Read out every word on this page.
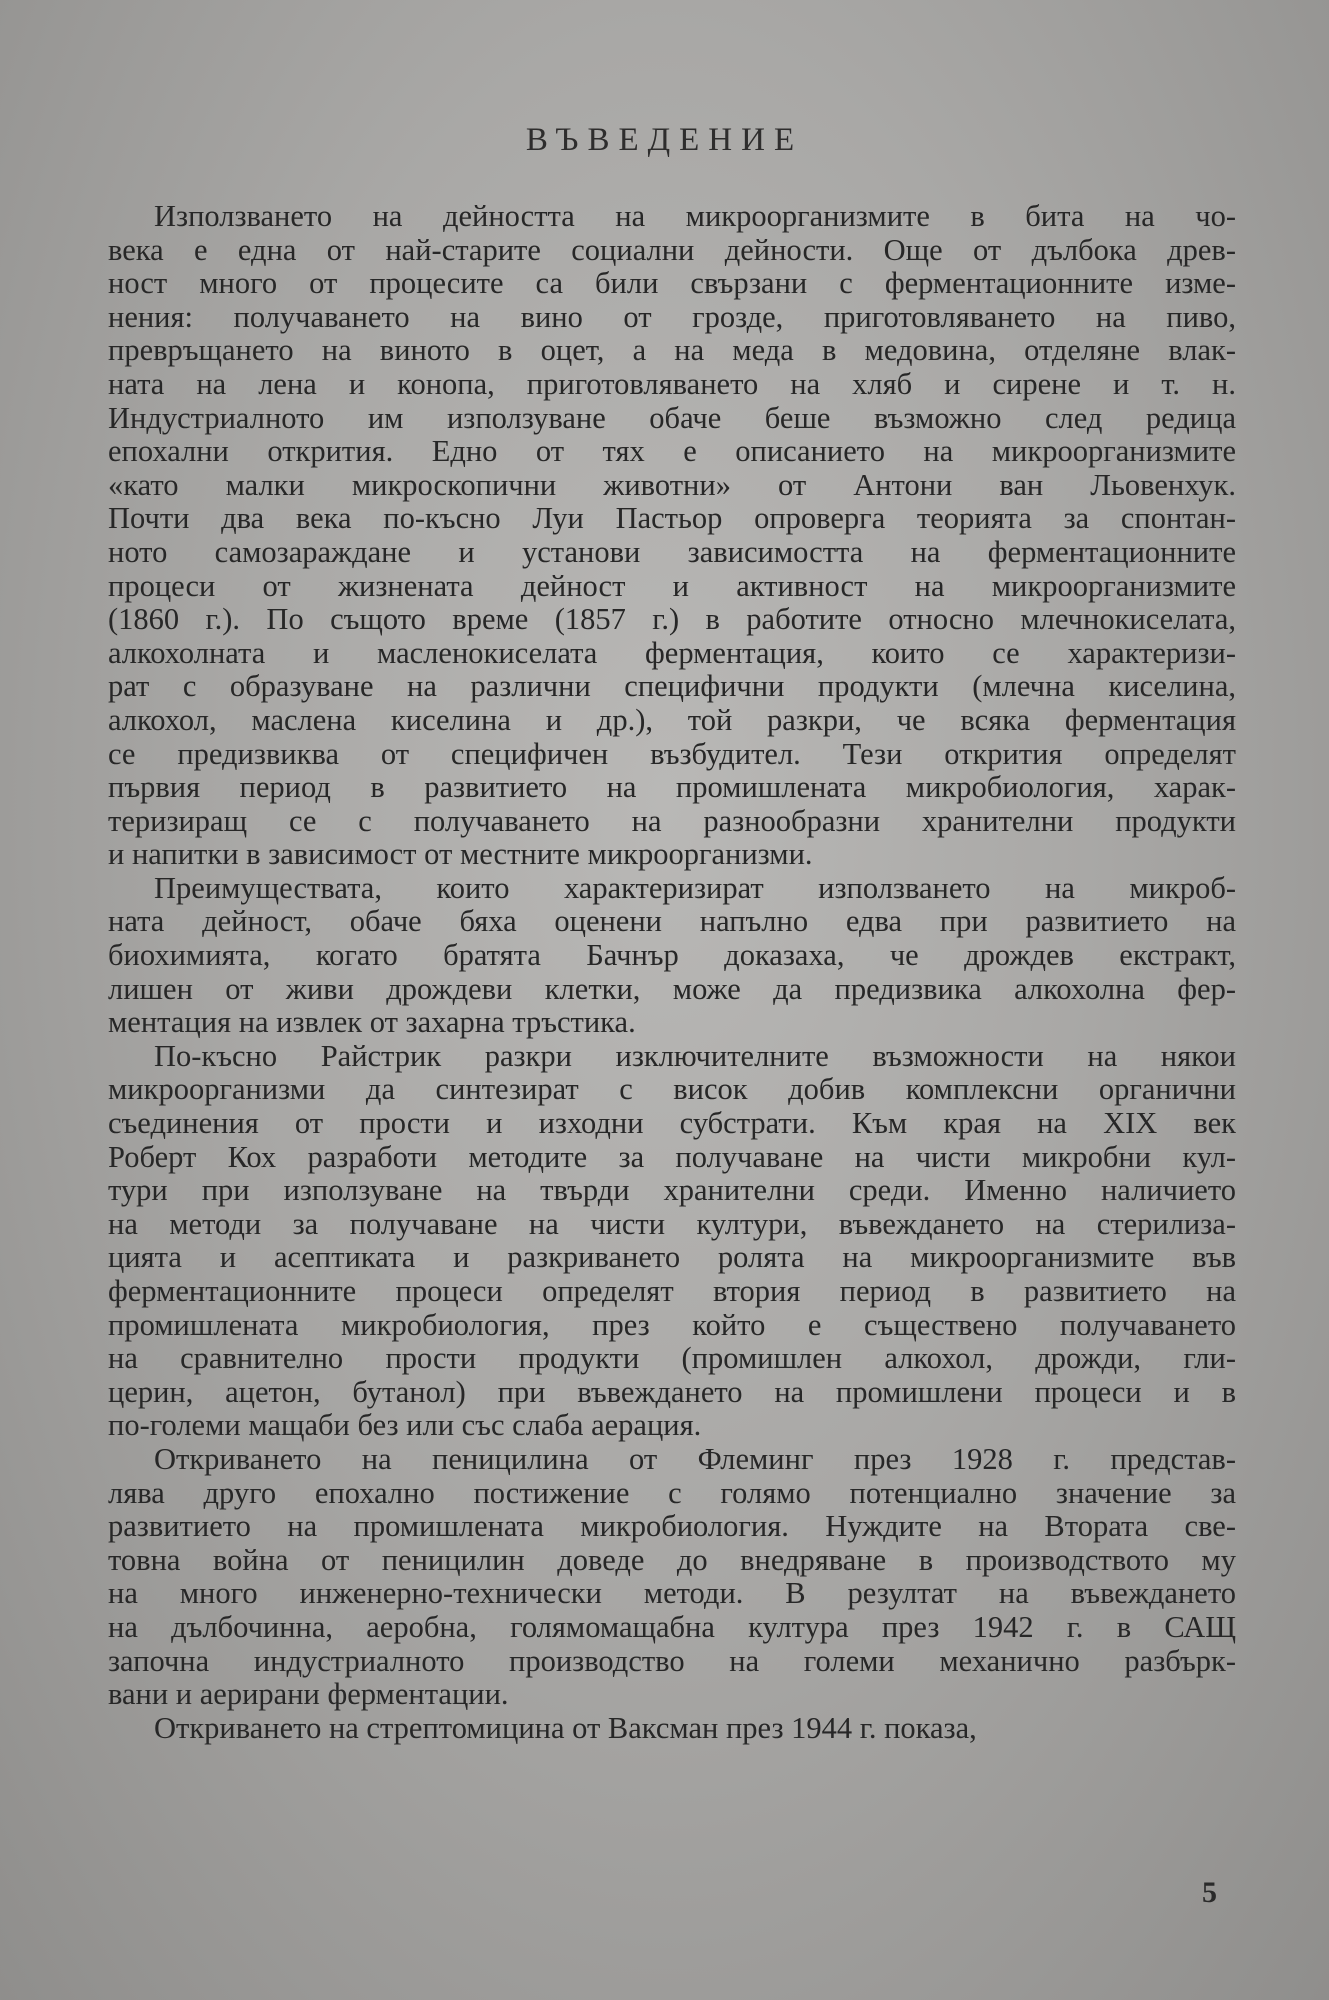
ВЪВЕДЕНИЕ
Използването на дейността на микроорганизмите в бита на чо-
века е една от най-старите социални дейности. Още от дълбока древ-
ност много от процесите са били свързани с ферментационните изме-
нения: получаването на вино от грозде, приготовляването на пиво,
превръщането на виното в оцет, а на меда в медовина, отделяне влак-
ната на лена и конопа, приготовляването на хляб и сирене и т. н.
Индустриалното им използуване обаче беше възможно след редица
епохални открития. Едно от тях е описанието на микроорганизмите
«като малки микроскопични животни» от Антони ван Льовенхук.
Почти два века по-късно Луи Пастьор опроверга теорията за спонтан-
ното самозараждане и установи зависимостта на ферментационните
процеси от жизнената дейност и активност на микроорганизмите
(1860 г.). По същото време (1857 г.) в работите относно млечнокиселата,
алкохолната и масленокиселата ферментация, които се характеризи-
рат с образуване на различни специфични продукти (млечна киселина,
алкохол, маслена киселина и др.), той разкри, че всяка ферментация
се предизвиква от специфичен възбудител. Тези открития определят
първия период в развитието на промишлената микробиология, харак-
теризиращ се с получаването на разнообразни хранителни продукти
и напитки в зависимост от местните микроорганизми.
Преимуществата, които характеризират използването на микроб-
ната дейност, обаче бяха оценени напълно едва при развитието на
биохимията, когато братята Бачнър доказаха, че дрождев екстракт,
лишен от живи дрождеви клетки, може да предизвика алкохолна фер-
ментация на извлек от захарна тръстика.
По-късно Райстрик разкри изключителните възможности на някои
микроорганизми да синтезират с висок добив комплексни органични
съединения от прости и изходни субстрати. Към края на XIX век
Роберт Кох разработи методите за получаване на чисти микробни кул-
тури при използуване на твърди хранителни среди. Именно наличието
на методи за получаване на чисти култури, въвеждането на стерилиза-
цията и асептиката и разкриването ролята на микроорганизмите във
ферментационните процеси определят втория период в развитието на
промишлената микробиология, през който е съществено получаването
на сравнително прости продукти (промишлен алкохол, дрожди, гли-
церин, ацетон, бутанол) при въвеждането на промишлени процеси и в
по-големи мащаби без или със слаба аерация.
Откриването на пеницилина от Флеминг през 1928 г. представ-
лява друго епохално постижение с голямо потенциално значение за
развитието на промишлената микробиология. Нуждите на Втората све-
товна война от пеницилин доведе до внедряване в производството му
на много инженерно-технически методи. В резултат на въвеждането
на дълбочинна, аеробна, голямомащабна култура през 1942 г. в САЩ
започна индустриалното производство на големи механично разбърк-
вани и аерирани ферментации.
Откриването на стрептомицина от Ваксман през 1944 г. показа,
5
